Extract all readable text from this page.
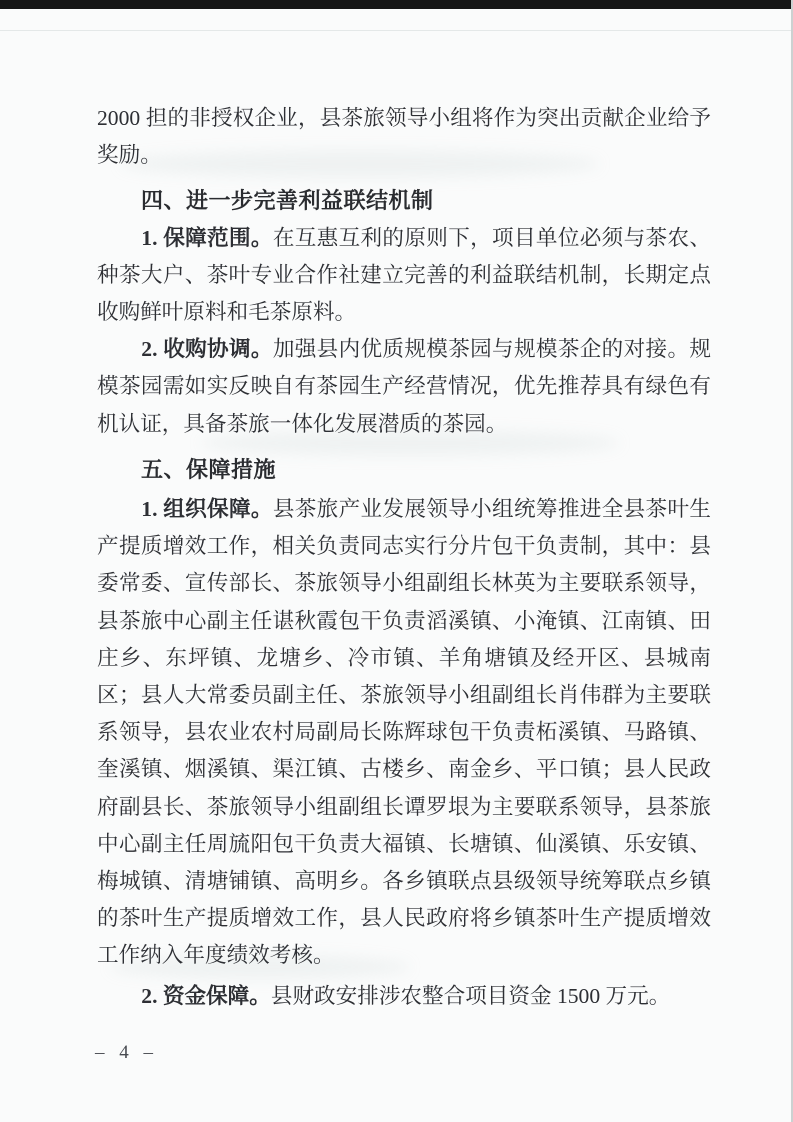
2000 担的非授权企业，县茶旅领导小组将作为突出贡献企业给予奖励。

四、进一步完善利益联结机制

1. 保障范围。在互惠互利的原则下，项目单位必须与茶农、种茶大户、茶叶专业合作社建立完善的利益联结机制，长期定点收购鲜叶原料和毛茶原料。

2. 收购协调。加强县内优质规模茶园与规模茶企的对接。规模茶园需如实反映自有茶园生产经营情况，优先推荐具有绿色有机认证，具备茶旅一体化发展潜质的茶园。

五、保障措施

1. 组织保障。县茶旅产业发展领导小组统筹推进全县茶叶生产提质增效工作，相关负责同志实行分片包干负责制，其中：县委常委、宣传部长、茶旅领导小组副组长林英为主要联系领导，县茶旅中心副主任谌秋霞包干负责滔溪镇、小淹镇、江南镇、田庄乡、东坪镇、龙塘乡、冷市镇、羊角塘镇及经开区、县城南区；县人大常委员副主任、茶旅领导小组副组长肖伟群为主要联系领导，县农业农村局副局长陈辉球包干负责柘溪镇、马路镇、奎溪镇、烟溪镇、渠江镇、古楼乡、南金乡、平口镇；县人民政府副县长、茶旅领导小组副组长谭罗垠为主要联系领导，县茶旅中心副主任周旈阳包干负责大福镇、长塘镇、仙溪镇、乐安镇、梅城镇、清塘铺镇、高明乡。各乡镇联点县级领导统筹联点乡镇的茶叶生产提质增效工作，县人民政府将乡镇茶叶生产提质增效工作纳入年度绩效考核。

2. 资金保障。县财政安排涉农整合项目资金 1500 万元。

– 4 –
